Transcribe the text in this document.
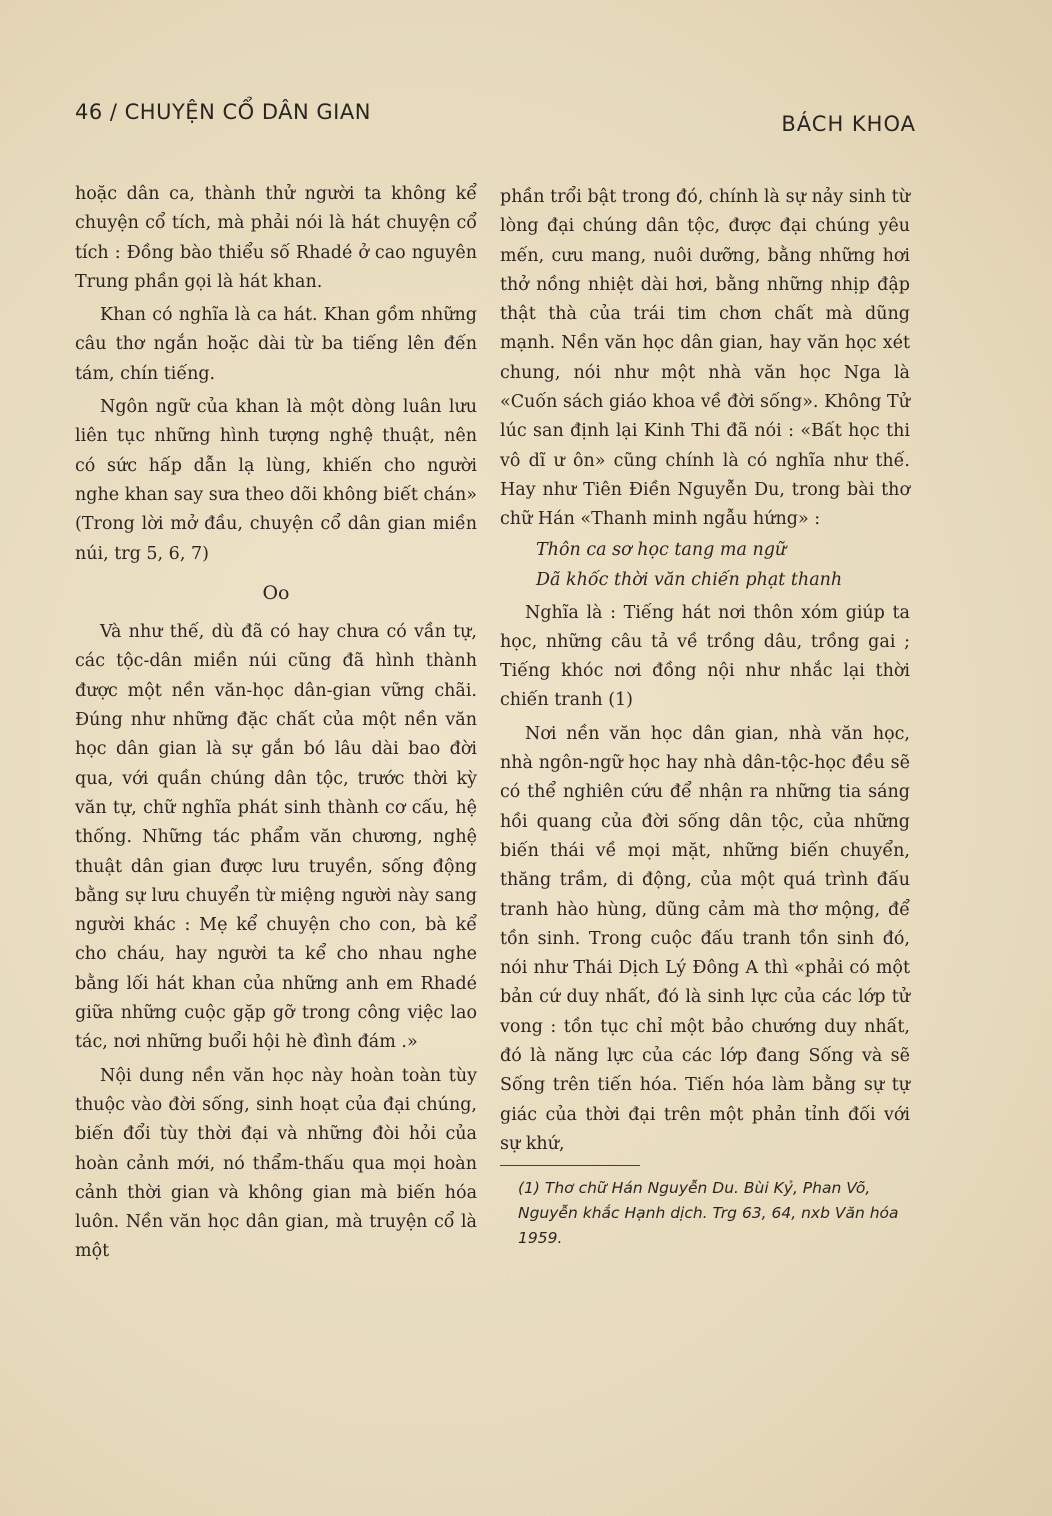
46 / CHUYỆN CỔ DÂN GIAN	BÁCH KHOA

hoặc dân ca, thành thử người ta không kể chuyện cổ tích, mà phải nói là hát chuyện cổ tích : Đồng bào thiểu số Rhadé ở cao nguyên Trung phần gọi là hát khan.

Khan có nghĩa là ca hát. Khan gồm những câu thơ ngắn hoặc dài từ ba tiếng lên đến tám, chín tiếng.

Ngôn ngữ của khan là một dòng luân lưu liên tục những hình tượng nghệ thuật, nên có sức hấp dẫn lạ lùng, khiến cho người nghe khan say sưa theo dõi không biết chán» (Trong lời mở đầu, chuyện cổ dân gian miền núi, trg 5, 6, 7)

Oo

Và như thế, dù đã có hay chưa có vần tự, các tộc-dân miền núi cũng đã hình thành được một nền văn-học dân-gian vững chãi. Đúng như những đặc chất của một nền văn học dân gian là sự gắn bó lâu dài bao đời qua, với quần chúng dân tộc, trước thời kỳ văn tự, chữ nghĩa phát sinh thành cơ cấu, hệ thống. Những tác phẩm văn chương, nghệ thuật dân gian được lưu truyền, sống động bằng sự lưu chuyển từ miệng người này sang người khác : Mẹ kể chuyện cho con, bà kể cho cháu, hay người ta kể cho nhau nghe bằng lối hát khan của những anh em Rhadé giữa những cuộc gặp gỡ trong công việc lao tác, nơi những buổi hội hè đình đám .»

Nội dung nền văn học này hoàn toàn tùy thuộc vào đời sống, sinh hoạt của đại chúng, biến đổi tùy thời đại và những đòi hỏi của hoàn cảnh mới, nó thẩm-thấu qua mọi hoàn cảnh thời gian và không gian mà biến hóa luôn. Nền văn học dân gian, mà truyện cổ là một

phần trổi bật trong đó, chính là sự nảy sinh từ lòng đại chúng dân tộc, được đại chúng yêu mến, cưu mang, nuôi dưỡng, bằng những hơi thở nồng nhiệt dài hơi, bằng những nhịp đập thật thà của trái tim chơn chất mà dũng mạnh. Nền văn học dân gian, hay văn học xét chung, nói như một nhà văn học Nga là «Cuốn sách giáo khoa về đời sống». Không Tử lúc san định lại Kinh Thi đã nói : «Bất học thi vô dĩ ư ôn» cũng chính là có nghĩa như thế. Hay như Tiên Điền Nguyễn Du, trong bài thơ chữ Hán «Thanh minh ngẫu hứng» :

Thôn ca sơ học tang ma ngữ

Dã khốc thời văn chiến phạt thanh

Nghĩa là : Tiếng hát nơi thôn xóm giúp ta học, những câu tả về trồng dâu, trồng gai ; Tiếng khóc nơi đồng nội như nhắc lại thời chiến tranh (1)

Nơi nền văn học dân gian, nhà văn học, nhà ngôn-ngữ học hay nhà dân-tộc-học đều sẽ có thể nghiên cứu để nhận ra những tia sáng hồi quang của đời sống dân tộc, của những biến thái về mọi mặt, những biến chuyển, thăng trầm, di động, của một quá trình đấu tranh hào hùng, dũng cảm mà thơ mộng, để tồn sinh. Trong cuộc đấu tranh tồn sinh đó, nói như Thái Dịch Lý Đông A thì «phải có một bản cứ duy nhất, đó là sinh lực của các lớp tử vong : tồn tục chỉ một bảo chướng duy nhất, đó là năng lực của các lớp đang Sống và sẽ Sống trên tiến hóa. Tiến hóa làm bằng sự tự giác của thời đại trên một phản tỉnh đối với sự khứ,

(1) Thơ chữ Hán Nguyễn Du. Bùi Kỷ, Phan Võ, Nguyễn khắc Hạnh dịch. Trg 63, 64, nxb Văn hóa 1959.
